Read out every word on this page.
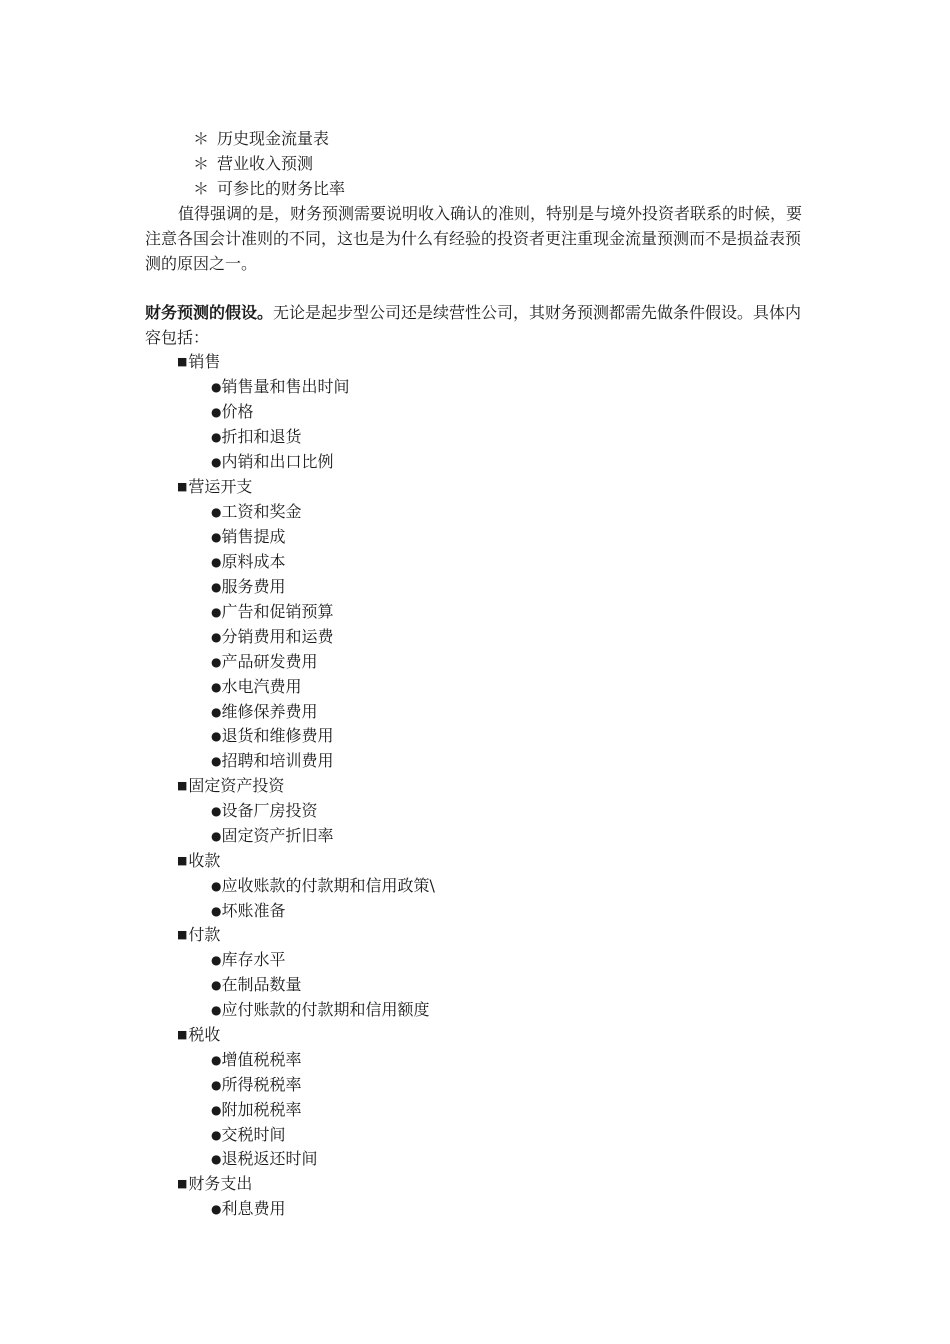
＊ 历史现金流量表
＊ 营业收入预测
＊ 可参比的财务比率
值得强调的是，财务预测需要说明收入确认的准则，特别是与境外投资者联系的时候，要注意各国会计准则的不同，这也是为什么有经验的投资者更注重现金流量预测而不是损益表预测的原因之一。
财务预测的假设。无论是起步型公司还是续营性公司，其财务预测都需先做条件假设。具体内容包括：
■销售
●销售量和售出时间
●价格
●折扣和退货
●内销和出口比例
■营运开支
●工资和奖金
●销售提成
●原料成本
●服务费用
●广告和促销预算
●分销费用和运费
●产品研发费用
●水电汽费用
●维修保养费用
●退货和维修费用
●招聘和培训费用
■固定资产投资
●设备厂房投资
●固定资产折旧率
■收款
●应收账款的付款期和信用政策\
●坏账准备
■付款
●库存水平
●在制品数量
●应付账款的付款期和信用额度
■税收
●增值税税率
●所得税税率
●附加税税率
●交税时间
●退税返还时间
■财务支出
●利息费用
